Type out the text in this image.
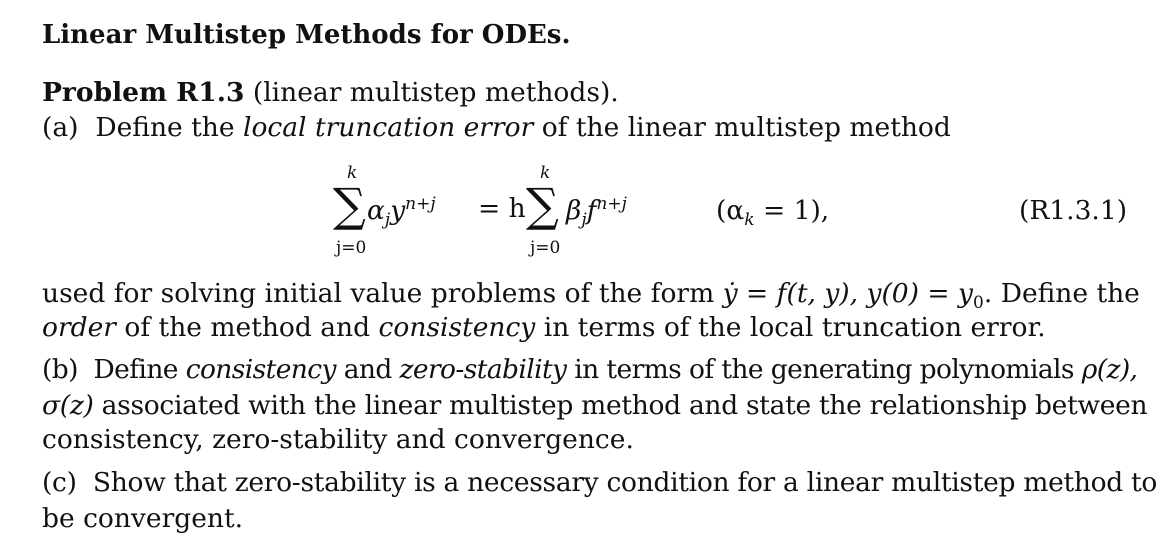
Linear Multistep Methods for ODEs.
Problem R1.3 (linear multistep methods).
(a) Define the local truncation error of the linear multistep method
k
∑
j=0
$\alpha_jy^{n+j} = h$
k
∑
j=0
$\beta_jf^{n+j}$	$(\alpha_k = 1)$,	(R1.3.1)
used for solving initial value problems of the form ẏ = f(t, y), $y(0) = y_0$. Define the
order of the method and consistency in terms of the local truncation error.
(b) Define consistency and zero-stability in terms of the generating polynomials ρ(z),
σ(z) associated with the linear multistep method and state the relationship between
consistency, zero-stability and convergence.
(c) Show that zero-stability is a necessary condition for a linear multistep method to
be convergent.
